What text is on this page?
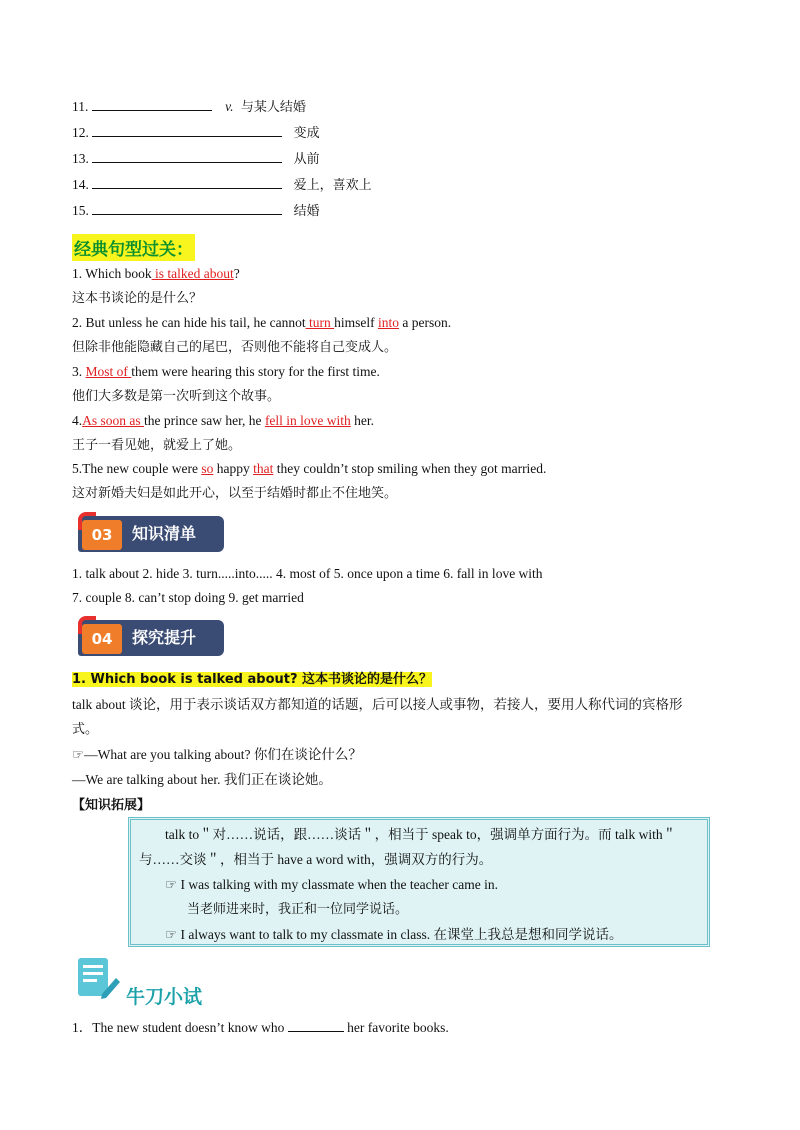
11.	v. 与某人结婚
12.	变成
13.	从前
14.	爱上，喜欢上
15.	结婚
经典句型过关：
1. Which book is talked about?
这本书谈论的是什么？
2. But unless he can hide his tail, he cannot turn himself into a person.
但除非他能隐藏自己的尾巴，否则他不能将自己变成人。
3. Most of them were hearing this story for the first time.
他们大多数是第一次听到这个故事。
4.As soon as the prince saw her, he fell in love with her.
王子一看见她，就爱上了她。
5.The new couple were so happy that they couldn’t stop smiling when they got married.
这对新婚夫妇是如此开心，以至于结婚时都止不住地笑。
03	知识清单
1. talk about 2. hide 3. turn.....into..... 4. most of 5. once upon a time 6. fall in love with
7. couple 8. can’t stop doing 9. get married
04	探究提升
1. Which book is talked about? 这本书谈论的是什么？
talk about 谈论，用于表示谈话双方都知道的话题，后可以接人或事物，若接人，要用人称代词的宾格形
式。
☞—What are you talking about? 你们在谈论什么？
—We are talking about her. 我们正在谈论她。
【知识拓展】
talk to＂对……说话，跟……谈话＂，相当于 speak to，强调单方面行为。而 talk with＂
与……交谈＂，相当于 have a word with，强调双方的行为。
☞ I was talking with my classmate when the teacher came in.
当老师进来时，我正和一位同学说话。
☞ I always want to talk to my classmate in class. 在课堂上我总是想和同学说话。
牛刀小试
1．The new student doesn’t know who	her favorite books.
